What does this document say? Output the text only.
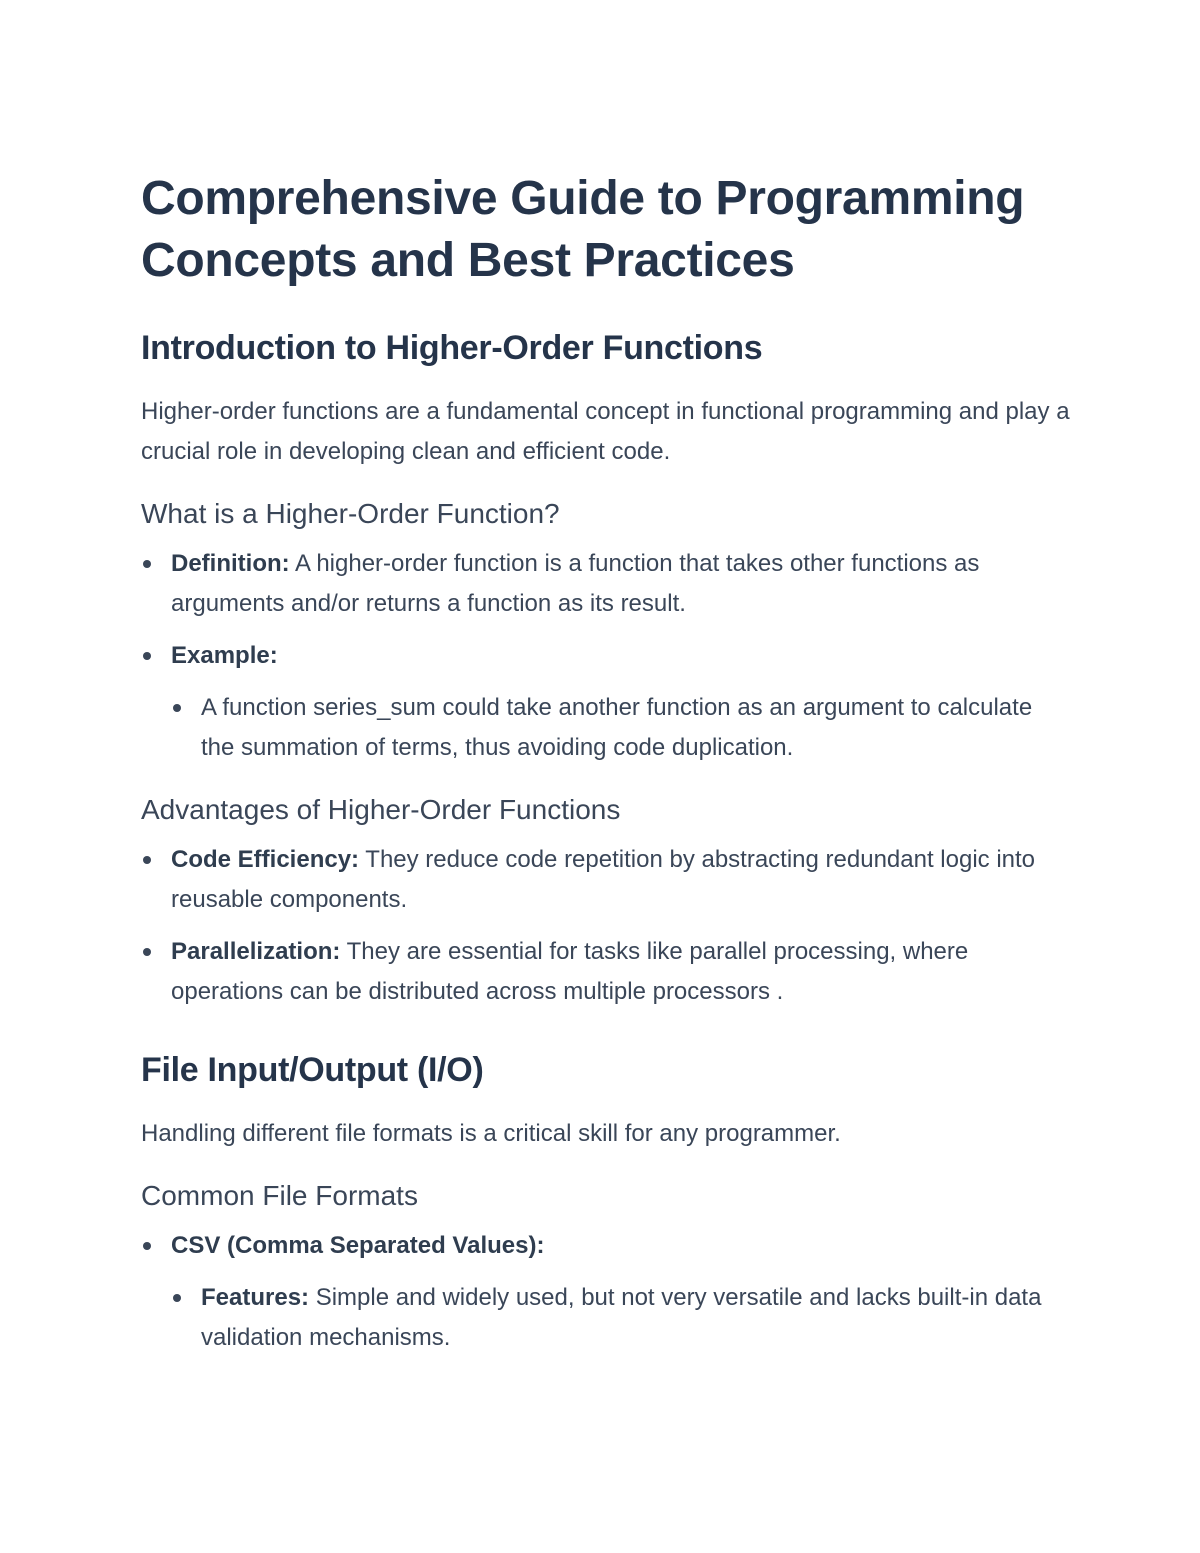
Comprehensive Guide to Programming Concepts and Best Practices
Introduction to Higher-Order Functions

Higher-order functions are a fundamental concept in functional programming and play a crucial role in developing clean and efficient code.

What is a Higher-Order Function?
Definition: A higher-order function is a function that takes other functions as arguments and/or returns a function as its result.
Example:
A function series_sum could take another function as an argument to calculate the summation of terms, thus avoiding code duplication.
Advantages of Higher-Order Functions
Code Efficiency: They reduce code repetition by abstracting redundant logic into reusable components.
Parallelization: They are essential for tasks like parallel processing, where operations can be distributed across multiple processors .
File Input/Output (I/O)

Handling different file formats is a critical skill for any programmer.

Common File Formats
CSV (Comma Separated Values):
Features: Simple and widely used, but not very versatile and lacks built-in data validation mechanisms.
